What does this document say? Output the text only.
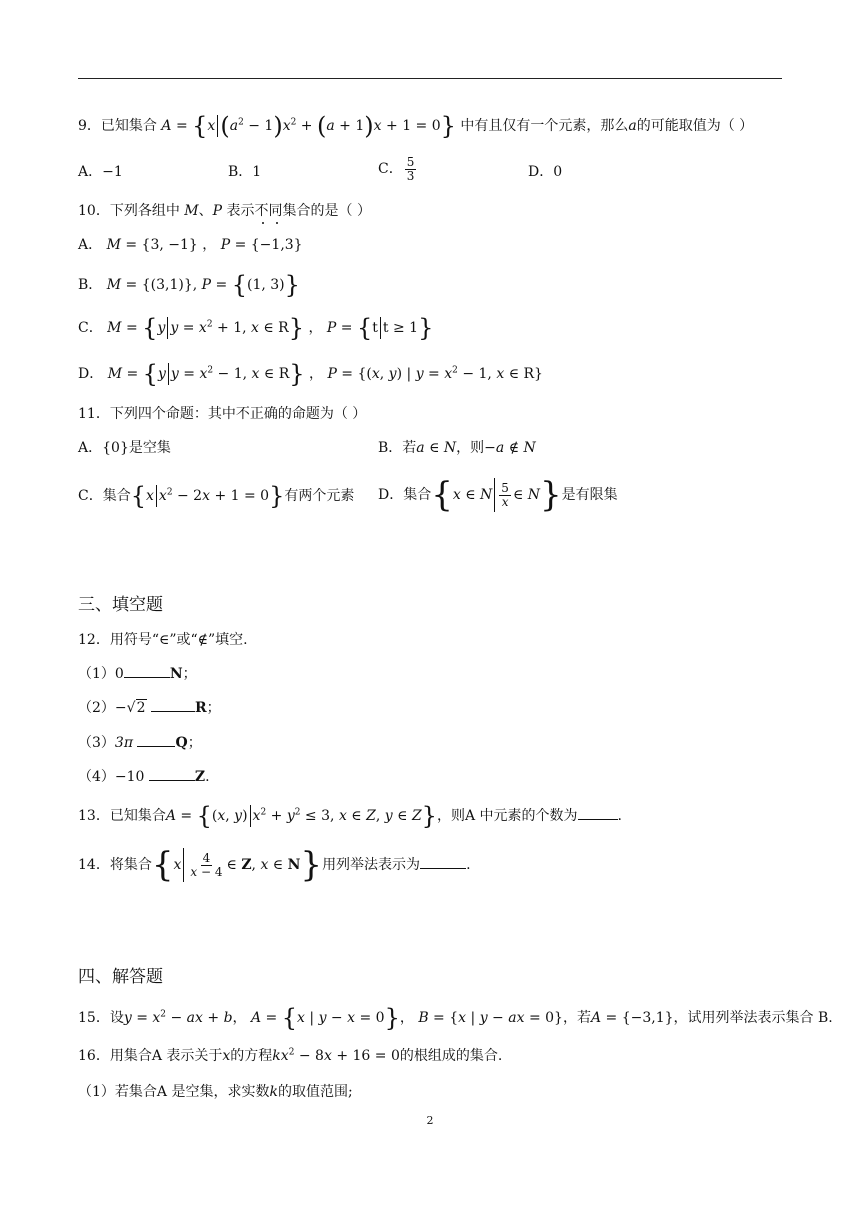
9．已知集合 A = {x $(a^2 - 1)x^2 + (a + 1)x + 1 = 0$} 中有且仅有一个元素，那么a的可能取值为（ ）
A．−1	B．1	C． $\frac{5}{3}$	D．0
10．下列各组中 M、P 表示不同集合的是（ ）
A． M = {3, −1} ， P = {−1,3}
B． M = {(3,1)}, P = {(1, 3)}
C． M = {y $y = x^2 + 1$, x ∈ R} ， P = {t t ≥ 1}
D． M = {y $y = x^2 - 1$, x ∈ R} ， P = {(x, y) | $y = x^2 - 1$, x ∈ R}
11．下列四个命题：其中不正确的命题为（ ）
A．{0}是空集	B．若a ∈ N，则−a ∉ N
C．集合{x $x^2 - 2x + 1 = 0$}有两个元素 D．集合{x ∈ N $\frac{5}{x}$ ∈ N}是有限集
三、填空题
12．用符号“∈”或“∉”填空.
（1）0	N；
（2）−√2	R；
（3）3π	Q；
（4）−10	Z.
13．已知集合A = {(x, y) $x^2 + y^2 \le 3$, x ∈ Z, y ∈ Z}，则A 中元素的个数为	.
14．将集合{$x \frac{4}{x - 4}$ ∈ Z, x ∈ N}用列举法表示为	.
四、解答题
15．设$y = x^2$ − ax + b， A = {x | y − x = 0}， B = {x | y − ax = 0}，若A = {−3,1}，试用列举法表示集合 B.
16．用集合A 表示关于x的方程$kx^2 - 8x + 16 = 0$的根组成的集合.
（1）若集合A 是空集，求实数k的取值范围;
2
